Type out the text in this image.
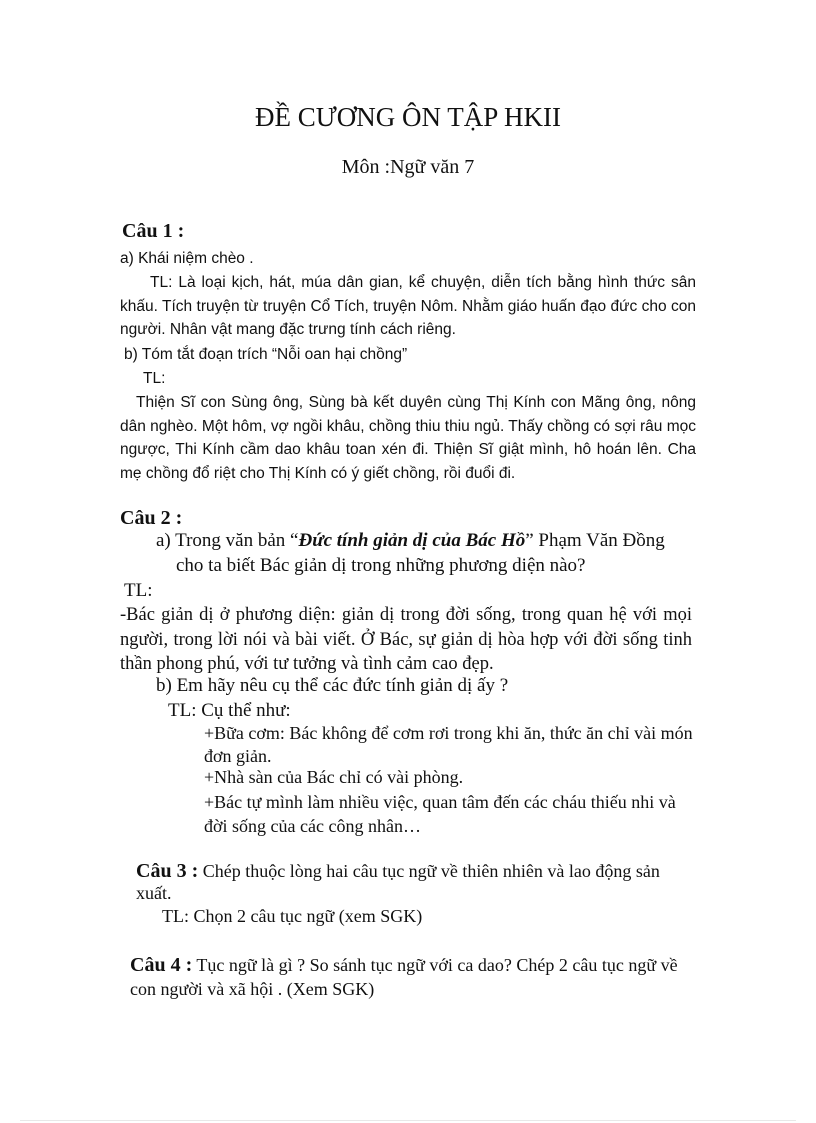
ĐỀ CƯƠNG ÔN TẬP HKII

Môn :Ngữ văn 7

Câu 1 :

a) Khái niệm chèo .

TL: Là loại kịch, hát, múa dân gian, kể chuyện, diễn tích bằng hình thức sân khấu. Tích truyện từ truyện Cổ Tích, truyện Nôm. Nhằm giáo huấn đạo đức cho con người. Nhân vật mang đặc trưng tính cách riêng.

b) Tóm tắt đoạn trích “Nỗi oan hại chồng”

TL:

Thiện Sĩ con Sùng ông, Sùng bà kết duyên cùng Thị Kính con Mãng ông, nông dân nghèo. Một hôm, vợ ngồi khâu, chồng thiu thiu ngủ. Thấy chồng có sợi râu mọc ngược, Thi Kính cầm dao khâu toan xén đi. Thiện Sĩ giật mình, hô hoán lên. Cha mẹ chồng đổ riệt cho Thị Kính có ý giết chồng, rồi đuổi đi.

Câu 2 :

a) Trong văn bản “Đức tính giản dị của Bác Hồ” Phạm Văn Đồng

cho ta biết Bác giản dị trong những phương diện nào?

TL:

-Bác giản dị ở phương diện: giản dị trong đời sống, trong quan hệ với mọi người, trong lời nói và bài viết. Ở Bác, sự giản dị hòa hợp với đời sống tinh thần phong phú, với tư tưởng và tình cảm cao đẹp.

b) Em hãy nêu cụ thể các đức tính giản dị ấy ?

TL: Cụ thể như:

+Bữa cơm: Bác không để cơm rơi trong khi ăn, thức ăn chỉ vài món đơn giản.

+Nhà sàn của Bác chỉ có vài phòng.

+Bác tự mình làm nhiều việc, quan tâm đến các cháu thiếu nhi và đời sống của các công nhân…

Câu 3 : Chép thuộc lòng hai câu tục ngữ về thiên nhiên và lao động sản xuất.

TL: Chọn 2 câu tục ngữ (xem SGK)

Câu 4 : Tục ngữ là gì ? So sánh tục ngữ với ca dao? Chép 2 câu tục ngữ về con người và xã hội . (Xem SGK)
